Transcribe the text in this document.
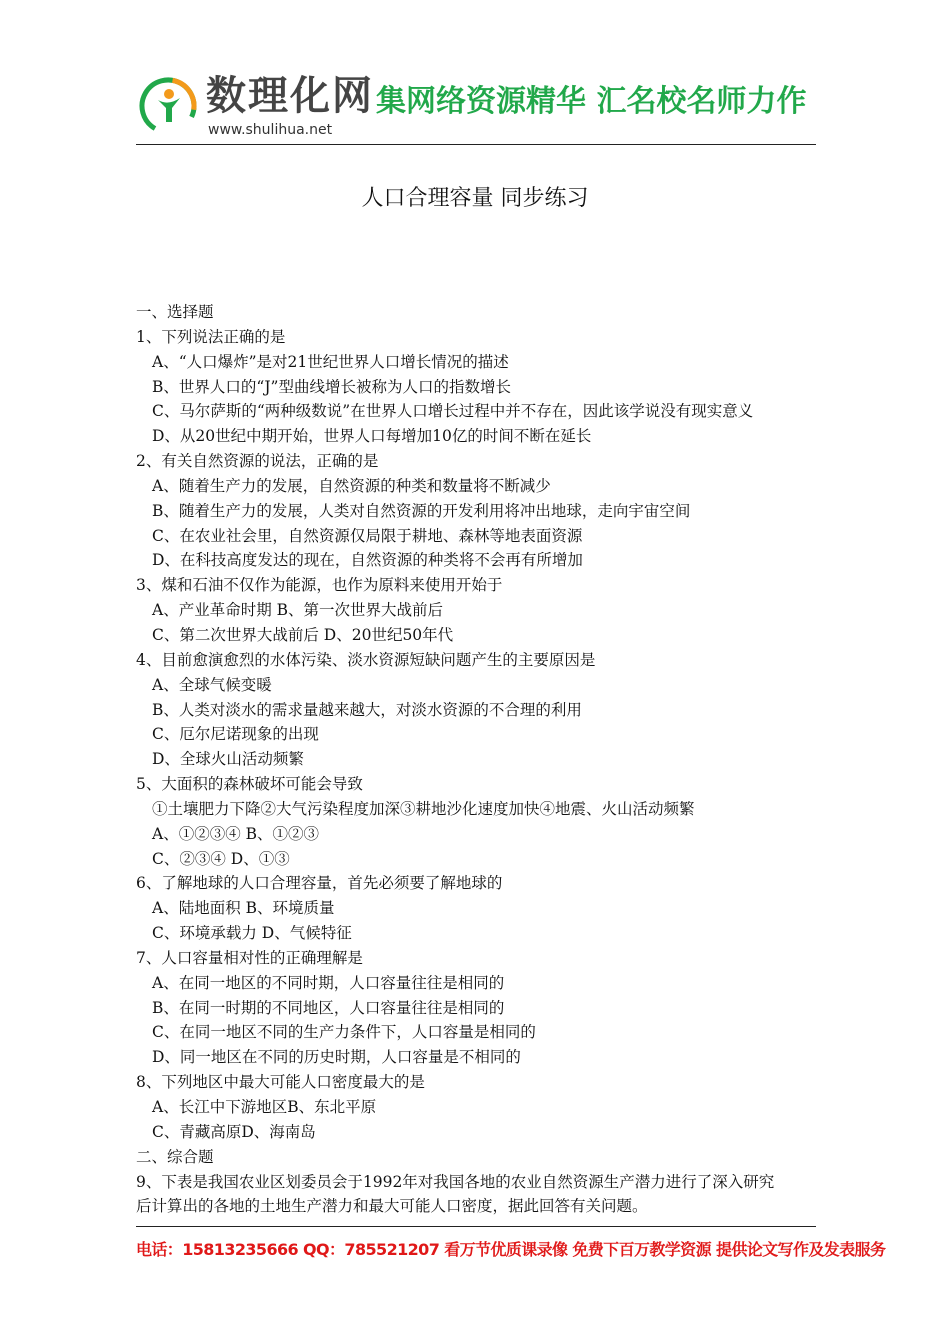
数理化网
www.shulihua.net
集网络资源精华 汇名校名师力作
人口合理容量 同步练习
一、选择题
1、下列说法正确的是
A、“人口爆炸”是对21世纪世界人口增长情况的描述
B、世界人口的“J”型曲线增长被称为人口的指数增长
C、马尔萨斯的“两种级数说”在世界人口增长过程中并不存在，因此该学说没有现实意义
D、从20世纪中期开始，世界人口每增加10亿的时间不断在延长
2、有关自然资源的说法，正确的是
A、随着生产力的发展，自然资源的种类和数量将不断减少
B、随着生产力的发展，人类对自然资源的开发利用将冲出地球，走向宇宙空间
C、在农业社会里，自然资源仅局限于耕地、森林等地表面资源
D、在科技高度发达的现在，自然资源的种类将不会再有所增加
3、煤和石油不仅作为能源，也作为原料来使用开始于
A、产业革命时期 B、第一次世界大战前后
C、第二次世界大战前后 D、20世纪50年代
4、目前愈演愈烈的水体污染、淡水资源短缺问题产生的主要原因是
A、全球气候变暖
B、人类对淡水的需求量越来越大，对淡水资源的不合理的利用
C、厄尔尼诺现象的出现
D、全球火山活动频繁
5、大面积的森林破坏可能会导致
①土壤肥力下降②大气污染程度加深③耕地沙化速度加快④地震、火山活动频繁
A、①②③④ B、①②③
C、②③④ D、①③
6、了解地球的人口合理容量，首先必须要了解地球的
A、陆地面积 B、环境质量
C、环境承载力 D、气候特征
7、人口容量相对性的正确理解是
A、在同一地区的不同时期，人口容量往往是相同的
B、在同一时期的不同地区，人口容量往往是相同的
C、在同一地区不同的生产力条件下，人口容量是相同的
D、同一地区在不同的历史时期，人口容量是不相同的
8、下列地区中最大可能人口密度最大的是
A、长江中下游地区B、东北平原
C、青藏高原D、海南岛
二、综合题
9、下表是我国农业区划委员会于1992年对我国各地的农业自然资源生产潜力进行了深入研究
后计算出的各地的土地生产潜力和最大可能人口密度，据此回答有关问题。
电话：15813235666 QQ：785521207 看万节优质课录像 免费下百万教学资源 提供论文写作及发表服务
